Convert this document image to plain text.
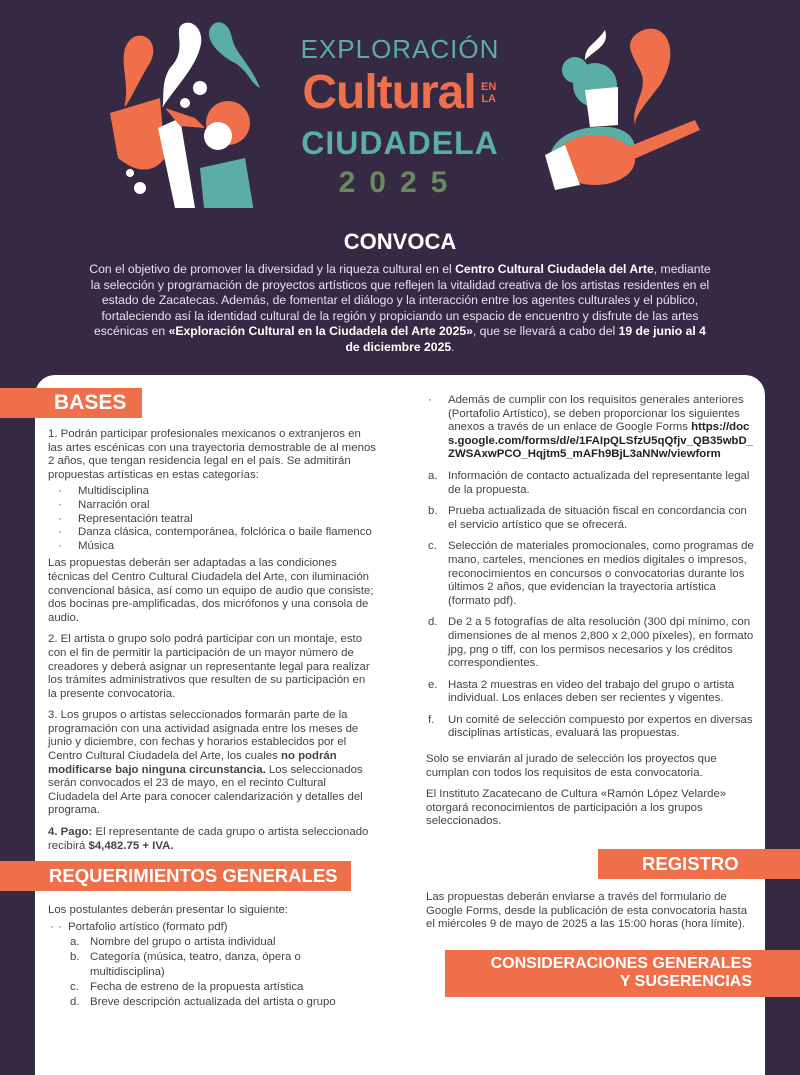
EXPLORACIÓN
Cultural EN LA
CIUDADELA
2025
CONVOCA
Con el objetivo de promover la diversidad y la riqueza cultural en el Centro Cultural Ciudadela del Arte, mediante la selección y programación de proyectos artísticos que reflejen la vitalidad creativa de los artistas residentes en el estado de Zacatecas. Además, de fomentar el diálogo y la interacción entre los agentes culturales y el público, fortaleciendo así la identidad cultural de la región y propiciando un espacio de encuentro y disfrute de las artes escénicas en «Exploración Cultural en la Ciudadela del Arte 2025», que se llevará a cabo del 19 de junio al 4 de diciembre 2025.
BASES

1. Podrán participar profesionales mexicanos o extranjeros en las artes escénicas con una trayectoria demostrable de al menos 2 años, que tengan residencia legal en el país. Se admitirán propuestas artísticas en estas categorías:

· Multidisciplina
· Narración oral
· Representación teatral
· Danza clásica, contemporánea, folclórica o baile flamenco
· Música

Las propuestas deberán ser adaptadas a las condiciones técnicas del Centro Cultural Ciudadela del Arte, con iluminación convencional básica, así como un equipo de audio que consiste; dos bocinas pre-amplificadas, dos micrófonos y una consola de audio.

2. El artista o grupo solo podrá participar con un montaje, esto con el fin de permitir la participación de un mayor número de creadores y deberá asignar un representante legal para realizar los trámites administrativos que resulten de su participación en la presente convocatoria.

3. Los grupos o artistas seleccionados formarán parte de la programación con una actividad asignada entre los meses de junio y diciembre, con fechas y horarios establecidos por el Centro Cultural Ciudadela del Arte, los cuales no podrán modificarse bajo ninguna circunstancia. Los seleccionados serán convocados el 23 de mayo, en el recinto Cultural Ciudadela del Arte para conocer calendarización y detalles del programa.

4. Pago: El representante de cada grupo o artista seleccionado recibirá $4,482.75 + IVA.

REQUERIMIENTOS GENERALES

Los postulantes deberán presentar lo siguiente:

· · Portafolio artístico (formato pdf)
a. Nombre del grupo o artista individual
b. Categoría (música, teatro, danza, ópera o multidisciplina)
c. Fecha de estreno de la propuesta artística
d. Breve descripción actualizada del artista o grupo
· Además de cumplir con los requisitos generales anteriores (Portafolio Artístico), se deben proporcionar los siguientes anexos a través de un enlace de Google Forms https://docs.google.com/forms/d/e/1FAIpQLSfzU5qQfjv_QB35wbD_ZWSAxwPCO_Hqjtm5_mAFh9BjL3aNNw/viewform
a. Información de contacto actualizada del representante legal de la propuesta.
b. Prueba actualizada de situación fiscal en concordancia con el servicio artístico que se ofrecerá.
c. Selección de materiales promocionales, como programas de mano, carteles, menciones en medios digitales o impresos, reconocimientos en concursos o convocatorias durante los últimos 2 años, que evidencian la trayectoria artística (formato pdf).
d. De 2 a 5 fotografías de alta resolución (300 dpi mínimo, con dimensiones de al menos 2,800 x 2,000 píxeles), en formato jpg, png o tiff, con los permisos necesarios y los créditos correspondientes.
e. Hasta 2 muestras en video del trabajo del grupo o artista individual. Los enlaces deben ser recientes y vigentes.
f. Un comité de selección compuesto por expertos en diversas disciplinas artísticas, evaluará las propuestas.

Solo se enviarán al jurado de selección los proyectos que cumplan con todos los requisitos de esta convocatoria.

El Instituto Zacatecano de Cultura «Ramón López Velarde» otorgará reconocimientos de participación a los grupos seleccionados.

REGISTRO
Las propuestas deberán enviarse a través del formulario de Google Forms, desde la publicación de esta convocatoria hasta el miércoles 9 de mayo de 2025 a las 15:00 horas (hora límite).
CONSIDERACIONES GENERALES
Y SUGERENCIAS
